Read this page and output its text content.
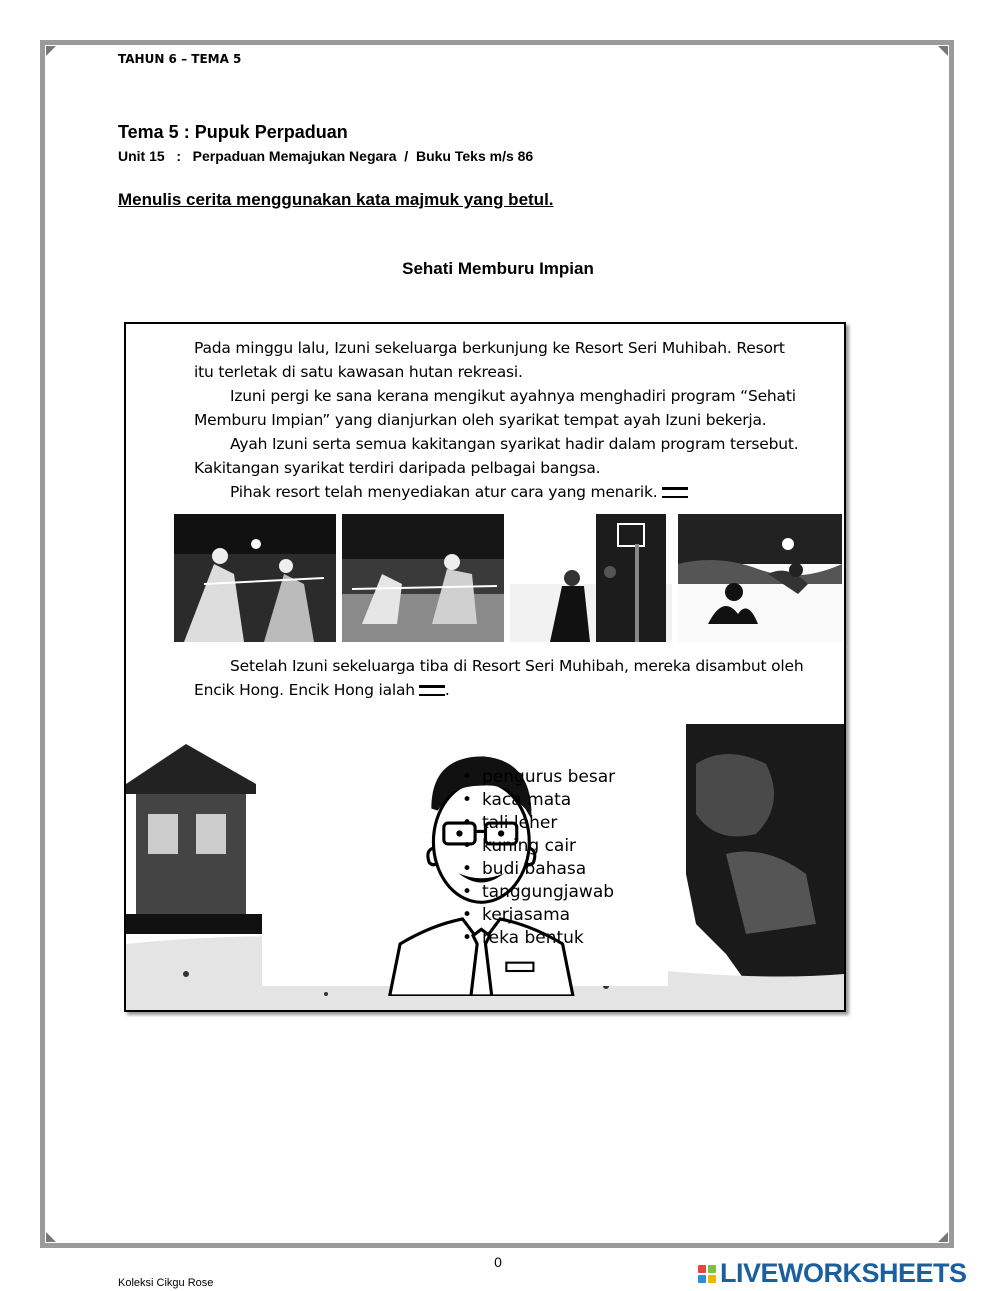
TAHUN 6 – TEMA 5
Tema 5 : Pupuk Perpaduan
Unit 15   :   Perpaduan Memajukan Negara  /  Buku Teks m/s 86
Menulis cerita menggunakan kata majmuk yang betul.
Sehati Memburu Impian
Pada minggu lalu, Izuni sekeluarga berkunjung ke Resort Seri Muhibah. Resort
itu terletak di satu kawasan hutan rekreasi.
Izuni pergi ke sana kerana mengikut ayahnya menghadiri program “Sehati
Memburu Impian” yang dianjurkan oleh syarikat tempat ayah Izuni bekerja.
Ayah Izuni serta semua kakitangan syarikat hadir dalam program tersebut.
Kakitangan syarikat terdiri daripada pelbagai bangsa.
Pihak resort telah menyediakan atur cara yang menarik.
Setelah Izuni sekeluarga tiba di Resort Seri Muhibah, mereka disambut oleh
Encik Hong. Encik Hong ialah .
• pengurus besar
• kaca mata
• tali leher
• kuning cair
• budi bahasa
• tanggungjawab
• kerjasama
• reka bentuk
0
Koleksi Cikgu Rose	LIVEWORKSHEETS
